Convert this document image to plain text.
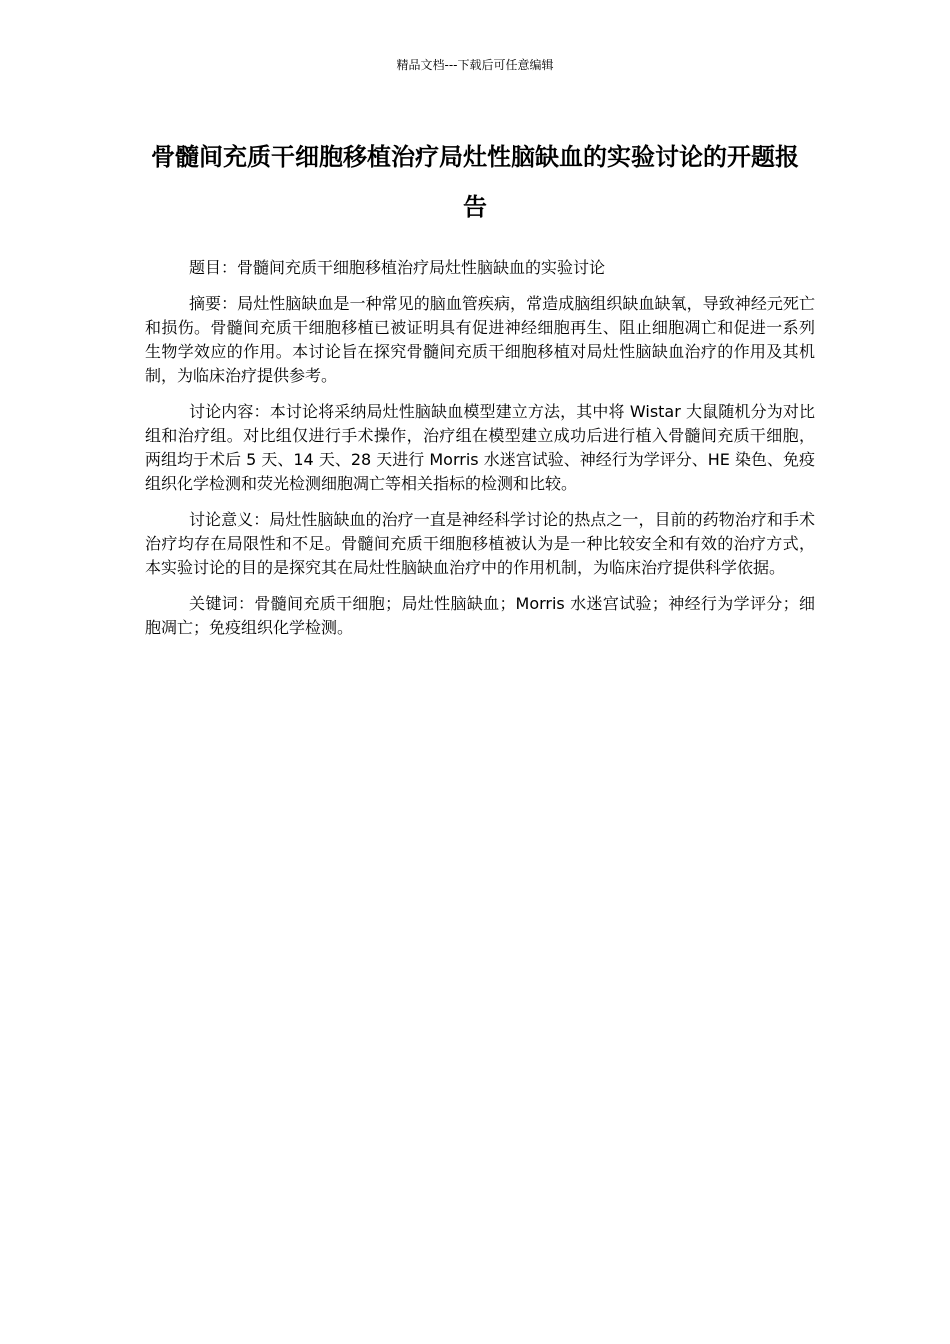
精品文档---下载后可任意编辑
骨髓间充质干细胞移植治疗局灶性脑缺血的实验讨论的开题报告

题目：骨髓间充质干细胞移植治疗局灶性脑缺血的实验讨论

摘要：局灶性脑缺血是一种常见的脑血管疾病，常造成脑组织缺血缺氧，导致神经元死亡和损伤。骨髓间充质干细胞移植已被证明具有促进神经细胞再生、阻止细胞凋亡和促进一系列生物学效应的作用。本讨论旨在探究骨髓间充质干细胞移植对局灶性脑缺血治疗的作用及其机制，为临床治疗提供参考。

讨论内容：本讨论将采纳局灶性脑缺血模型建立方法，其中将 Wistar 大鼠随机分为对比组和治疗组。对比组仅进行手术操作，治疗组在模型建立成功后进行植入骨髓间充质干细胞，两组均于术后 5 天、14 天、28 天进行 Morris 水迷宫试验、神经行为学评分、HE 染色、免疫组织化学检测和荧光检测细胞凋亡等相关指标的检测和比较。

讨论意义：局灶性脑缺血的治疗一直是神经科学讨论的热点之一，目前的药物治疗和手术治疗均存在局限性和不足。骨髓间充质干细胞移植被认为是一种比较安全和有效的治疗方式，本实验讨论的目的是探究其在局灶性脑缺血治疗中的作用机制，为临床治疗提供科学依据。

关键词：骨髓间充质干细胞；局灶性脑缺血；Morris 水迷宫试验；神经行为学评分；细胞凋亡；免疫组织化学检测。
